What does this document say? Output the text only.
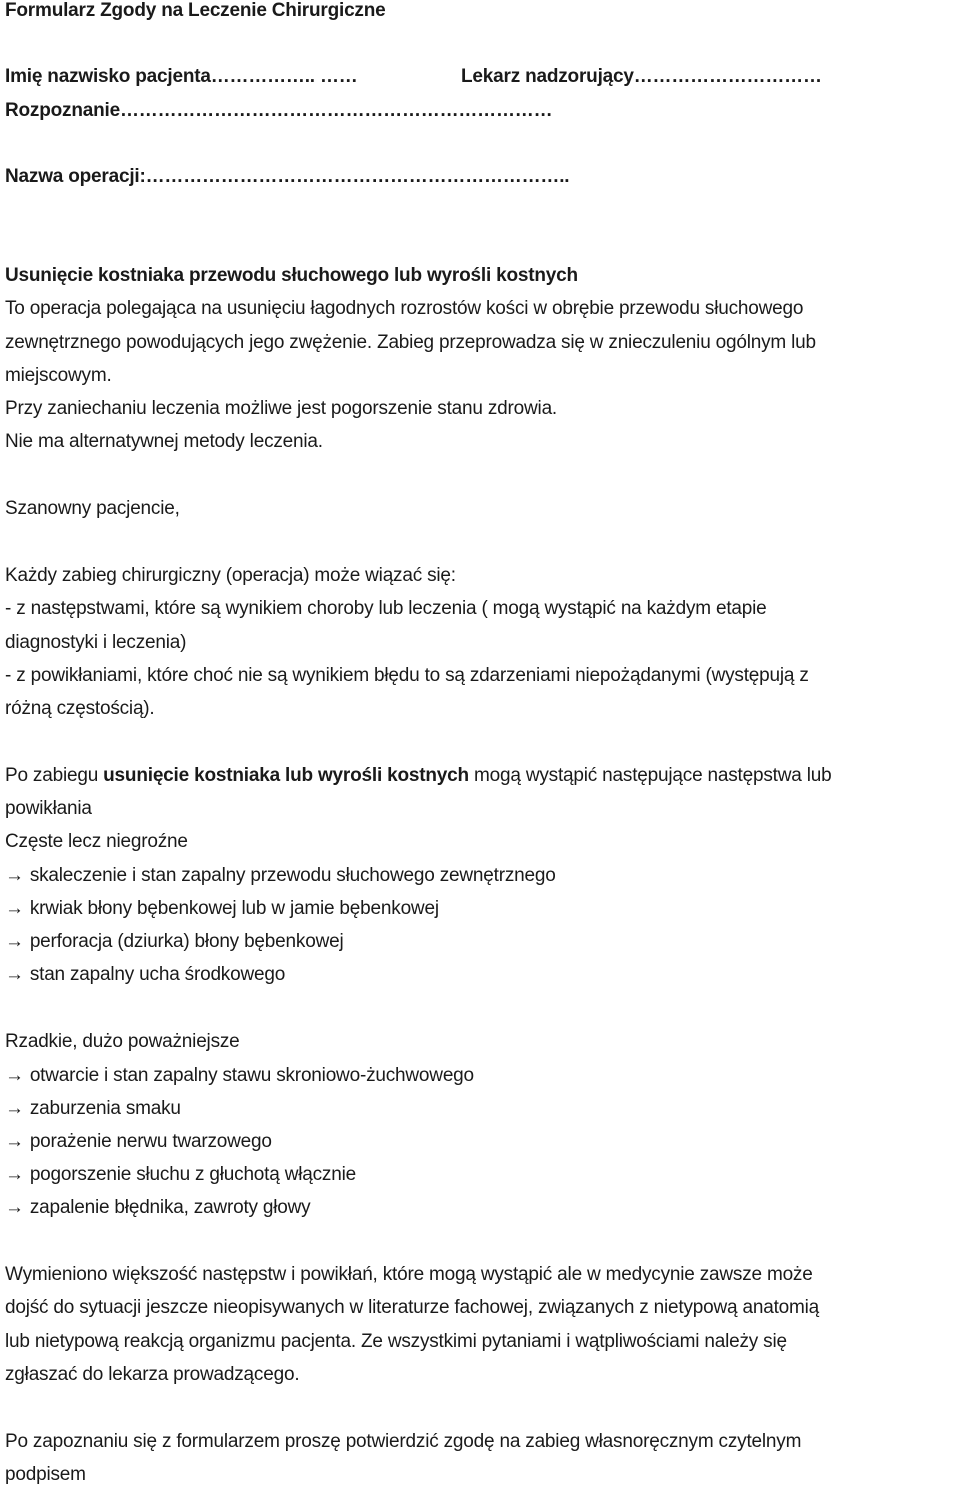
Formularz Zgody na Leczenie Chirurgiczne
Imię nazwisko pacjenta…………….. ……	Lekarz nadzorujący…………………………
Rozpoznanie……………………………………………………………
Nazwa operacji:…………………………………………………………..
Usunięcie kostniaka przewodu słuchowego lub wyrośli kostnych
To operacja polegająca na usunięciu łagodnych rozrostów kości w obrębie przewodu słuchowego
zewnętrznego powodujących jego zwężenie. Zabieg przeprowadza się w znieczuleniu ogólnym lub
miejscowym.
Przy zaniechaniu leczenia możliwe jest pogorszenie stanu zdrowia.
Nie ma alternatywnej metody leczenia.
Szanowny pacjencie,
Każdy zabieg chirurgiczny (operacja) może wiązać się:
- z następstwami, które są wynikiem choroby lub leczenia ( mogą wystąpić na każdym etapie
diagnostyki i leczenia)
- z powikłaniami, które choć nie są wynikiem błędu to są zdarzeniami niepożądanymi (występują z
różną częstością).
Po zabiegu usunięcie kostniaka lub wyrośli kostnych mogą wystąpić następujące następstwa lub
powikłania
Częste lecz niegroźne
→ skaleczenie i stan zapalny przewodu słuchowego zewnętrznego
→ krwiak błony bębenkowej lub w jamie bębenkowej
→ perforacja (dziurka) błony bębenkowej
→ stan zapalny ucha środkowego
Rzadkie, dużo poważniejsze
→ otwarcie i stan zapalny stawu skroniowo-żuchwowego
→ zaburzenia smaku
→ porażenie nerwu twarzowego
→ pogorszenie słuchu z głuchotą włącznie
→ zapalenie błędnika, zawroty głowy
Wymieniono większość następstw i powikłań, które mogą wystąpić ale w medycynie zawsze może
dojść do sytuacji jeszcze nieopisywanych w literaturze fachowej, związanych z nietypową anatomią
lub nietypową reakcją organizmu pacjenta. Ze wszystkimi pytaniami i wątpliwościami należy się
zgłaszać do lekarza prowadzącego.
Po zapoznaniu się z formularzem proszę potwierdzić zgodę na zabieg własnoręcznym czytelnym
podpisem
